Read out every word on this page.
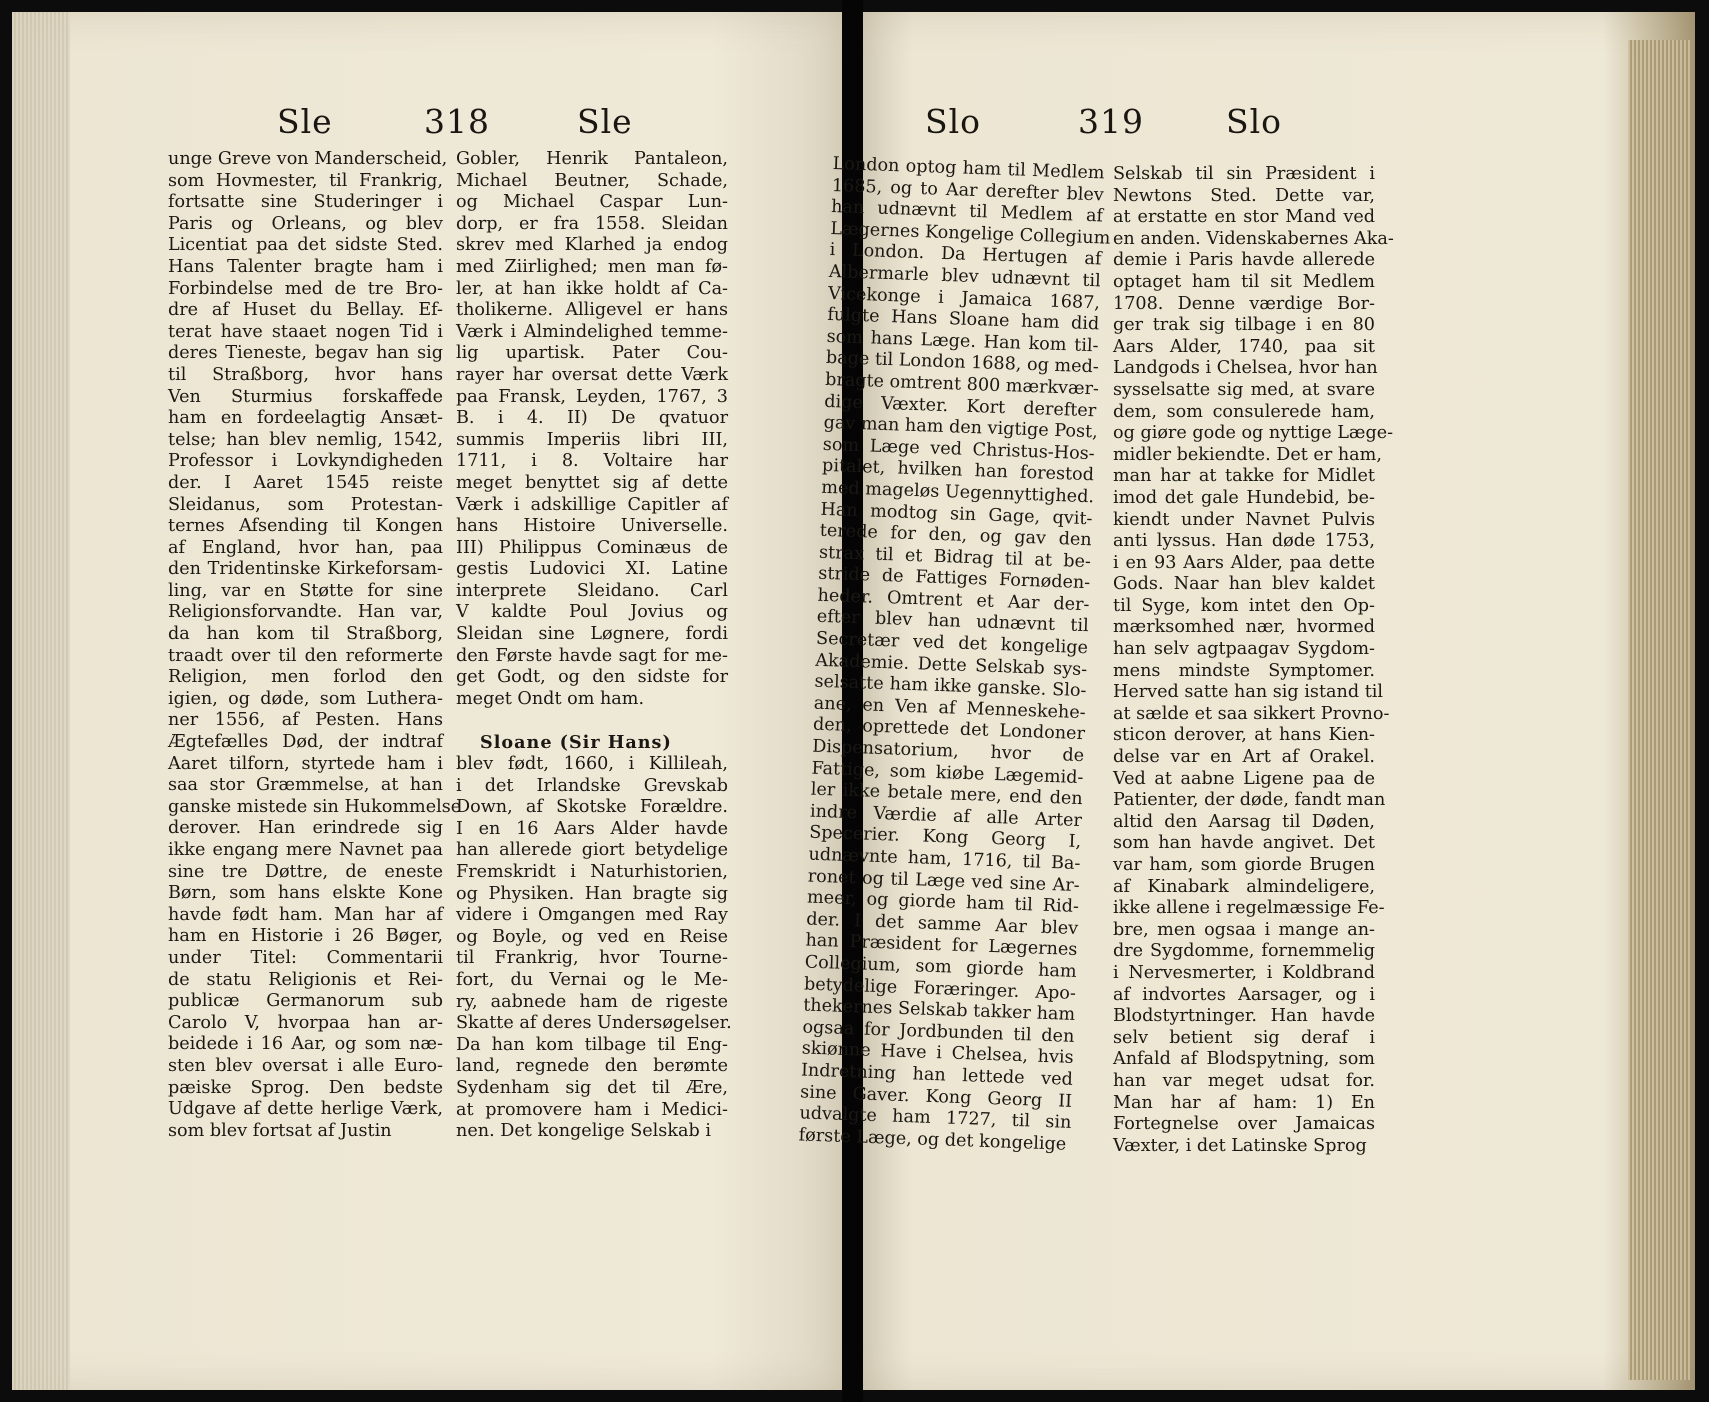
Sle	318	Sle
unge Greve von Manderscheid,
som Hovmester, til Frankrig,
fortsatte sine Studeringer i
Paris og Orleans, og blev
Licentiat paa det sidste Sted.
Hans Talenter bragte ham i
Forbindelse med de tre Bro-
dre af Huset du Bellay. Ef-
terat have staaet nogen Tid i
deres Tieneste, begav han sig
til Straßborg, hvor hans
Ven Sturmius forskaffede
ham en fordeelagtig Ansæt-
telse; han blev nemlig, 1542,
Professor i Lovkyndigheden
der. I Aaret 1545 reiste
Sleidanus, som Protestan-
ternes Afsending til Kongen
af England, hvor han, paa
den Tridentinske Kirkeforsam-
ling, var en Støtte for sine
Religionsforvandte. Han var,
da han kom til Straßborg,
traadt over til den reformerte
Religion, men forlod den
igien, og døde, som Luthera-
ner 1556, af Pesten. Hans
Ægtefælles Død, der indtraf
Aaret tilforn, styrtede ham i
saa stor Græmmelse, at han
ganske mistede sin Hukommelse
derover. Han erindrede sig
ikke engang mere Navnet paa
sine tre Døttre, de eneste
Børn, som hans elskte Kone
havde født ham. Man har af
ham en Historie i 26 Bøger,
under Titel: Commentarii
de statu Religionis et Rei-
publicæ Germanorum sub
Carolo V, hvorpaa han ar-
beidede i 16 Aar, og som næ-
sten blev oversat i alle Euro-
pæiske Sprog. Den bedste
Udgave af dette herlige Værk,
som blev fortsat af Justin
Gobler, Henrik Pantaleon,
Michael Beutner, Schade,
og Michael Caspar Lun-
dorp, er fra 1558. Sleidan
skrev med Klarhed ja endog
med Ziirlighed; men man fø-
ler, at han ikke holdt af Ca-
tholikerne. Alligevel er hans
Værk i Almindelighed temme-
lig upartisk. Pater Cou-
rayer har oversat dette Værk
paa Fransk, Leyden, 1767, 3
B. i 4. II) De qvatuor
summis Imperiis libri III,
1711, i 8. Voltaire har
meget benyttet sig af dette
Værk i adskillige Capitler af
hans Histoire Universelle.
III) Philippus Cominæus de
gestis Ludovici XI. Latine
interprete Sleidano. Carl
V kaldte Poul Jovius og
Sleidan sine Løgnere, fordi
den Første havde sagt for me-
get Godt, og den sidste for
meget Ondt om ham.
Sloane (Sir Hans)
blev født, 1660, i Killileah,
i det Irlandske Grevskab
Down, af Skotske Forældre.
I en 16 Aars Alder havde
han allerede giort betydelige
Fremskridt i Naturhistorien,
og Physiken. Han bragte sig
videre i Omgangen med Ray
og Boyle, og ved en Reise
til Frankrig, hvor Tourne-
fort, du Vernai og le Me-
ry, aabnede ham de rigeste
Skatte af deres Undersøgelser.
Da han kom tilbage til Eng-
land, regnede den berømte
Sydenham sig det til Ære,
at promovere ham i Medici-
nen. Det kongelige Selskab i
Slo	319 Slo
London optog ham til Medlem
1685, og to Aar derefter blev
han udnævnt til Medlem af
Lægernes Kongelige Collegium
i London. Da Hertugen af
Albermarle blev udnævnt til
Vicekonge i Jamaica 1687,
fulgte Hans Sloane ham did
som hans Læge. Han kom til-
bage til London 1688, og med-
bragte omtrent 800 mærkvær-
dige Væxter. Kort derefter
gav man ham den vigtige Post,
som Læge ved Christus-Hos-
pitalet, hvilken han forestod
med mageløs Uegennyttighed.
Han modtog sin Gage, qvit-
terede for den, og gav den
strax til et Bidrag til at be-
stride de Fattiges Fornøden-
heder. Omtrent et Aar der-
efter blev han udnævnt til
Secretær ved det kongelige
Akademie. Dette Selskab sys-
selsatte ham ikke ganske. Slo-
ane, en Ven af Menneskehe-
den, oprettede det Londoner
Dispensatorium, hvor de
Fattige, som kiøbe Lægemid-
ler ikke betale mere, end den
indre Værdie af alle Arter
Specerier. Kong Georg I,
udnævnte ham, 1716, til Ba-
ronet og til Læge ved sine Ar-
meer, og giorde ham til Rid-
der. I det samme Aar blev
han Præsident for Lægernes
Collegium, som giorde ham
betydelige Foræringer. Apo-
thekernes Selskab takker ham
ogsaa for Jordbunden til den
skiønne Have i Chelsea, hvis
Indretning han lettede ved
sine Gaver. Kong Georg II
udvalgte ham 1727, til sin
første Læge, og det kongelige
Selskab til sin Præsident i
Newtons Sted. Dette var,
at erstatte en stor Mand ved
en anden. Videnskabernes Aka-
demie i Paris havde allerede
optaget ham til sit Medlem
1708. Denne værdige Bor-
ger trak sig tilbage i en 80
Aars Alder, 1740, paa sit
Landgods i Chelsea, hvor han
sysselsatte sig med, at svare
dem, som consulerede ham,
og giøre gode og nyttige Læge-
midler bekiendte. Det er ham,
man har at takke for Midlet
imod det gale Hundebid, be-
kiendt under Navnet Pulvis
anti lyssus. Han døde 1753,
i en 93 Aars Alder, paa dette
Gods. Naar han blev kaldet
til Syge, kom intet den Op-
mærksomhed nær, hvormed
han selv agtpaagav Sygdom-
mens mindste Symptomer.
Herved satte han sig istand til
at sælde et saa sikkert Provno-
sticon derover, at hans Kien-
delse var en Art af Orakel.
Ved at aabne Ligene paa de
Patienter, der døde, fandt man
altid den Aarsag til Døden,
som han havde angivet. Det
var ham, som giorde Brugen
af Kinabark almindeligere,
ikke allene i regelmæssige Fe-
bre, men ogsaa i mange an-
dre Sygdomme, fornemmelig
i Nervesmerter, i Koldbrand
af indvortes Aarsager, og i
Blodstyrtninger. Han havde
selv betient sig deraf i
Anfald af Blodspytning, som
han var meget udsat for.
Man har af ham: 1) En
Fortegnelse over Jamaicas
Væxter, i det Latinske Sprog
